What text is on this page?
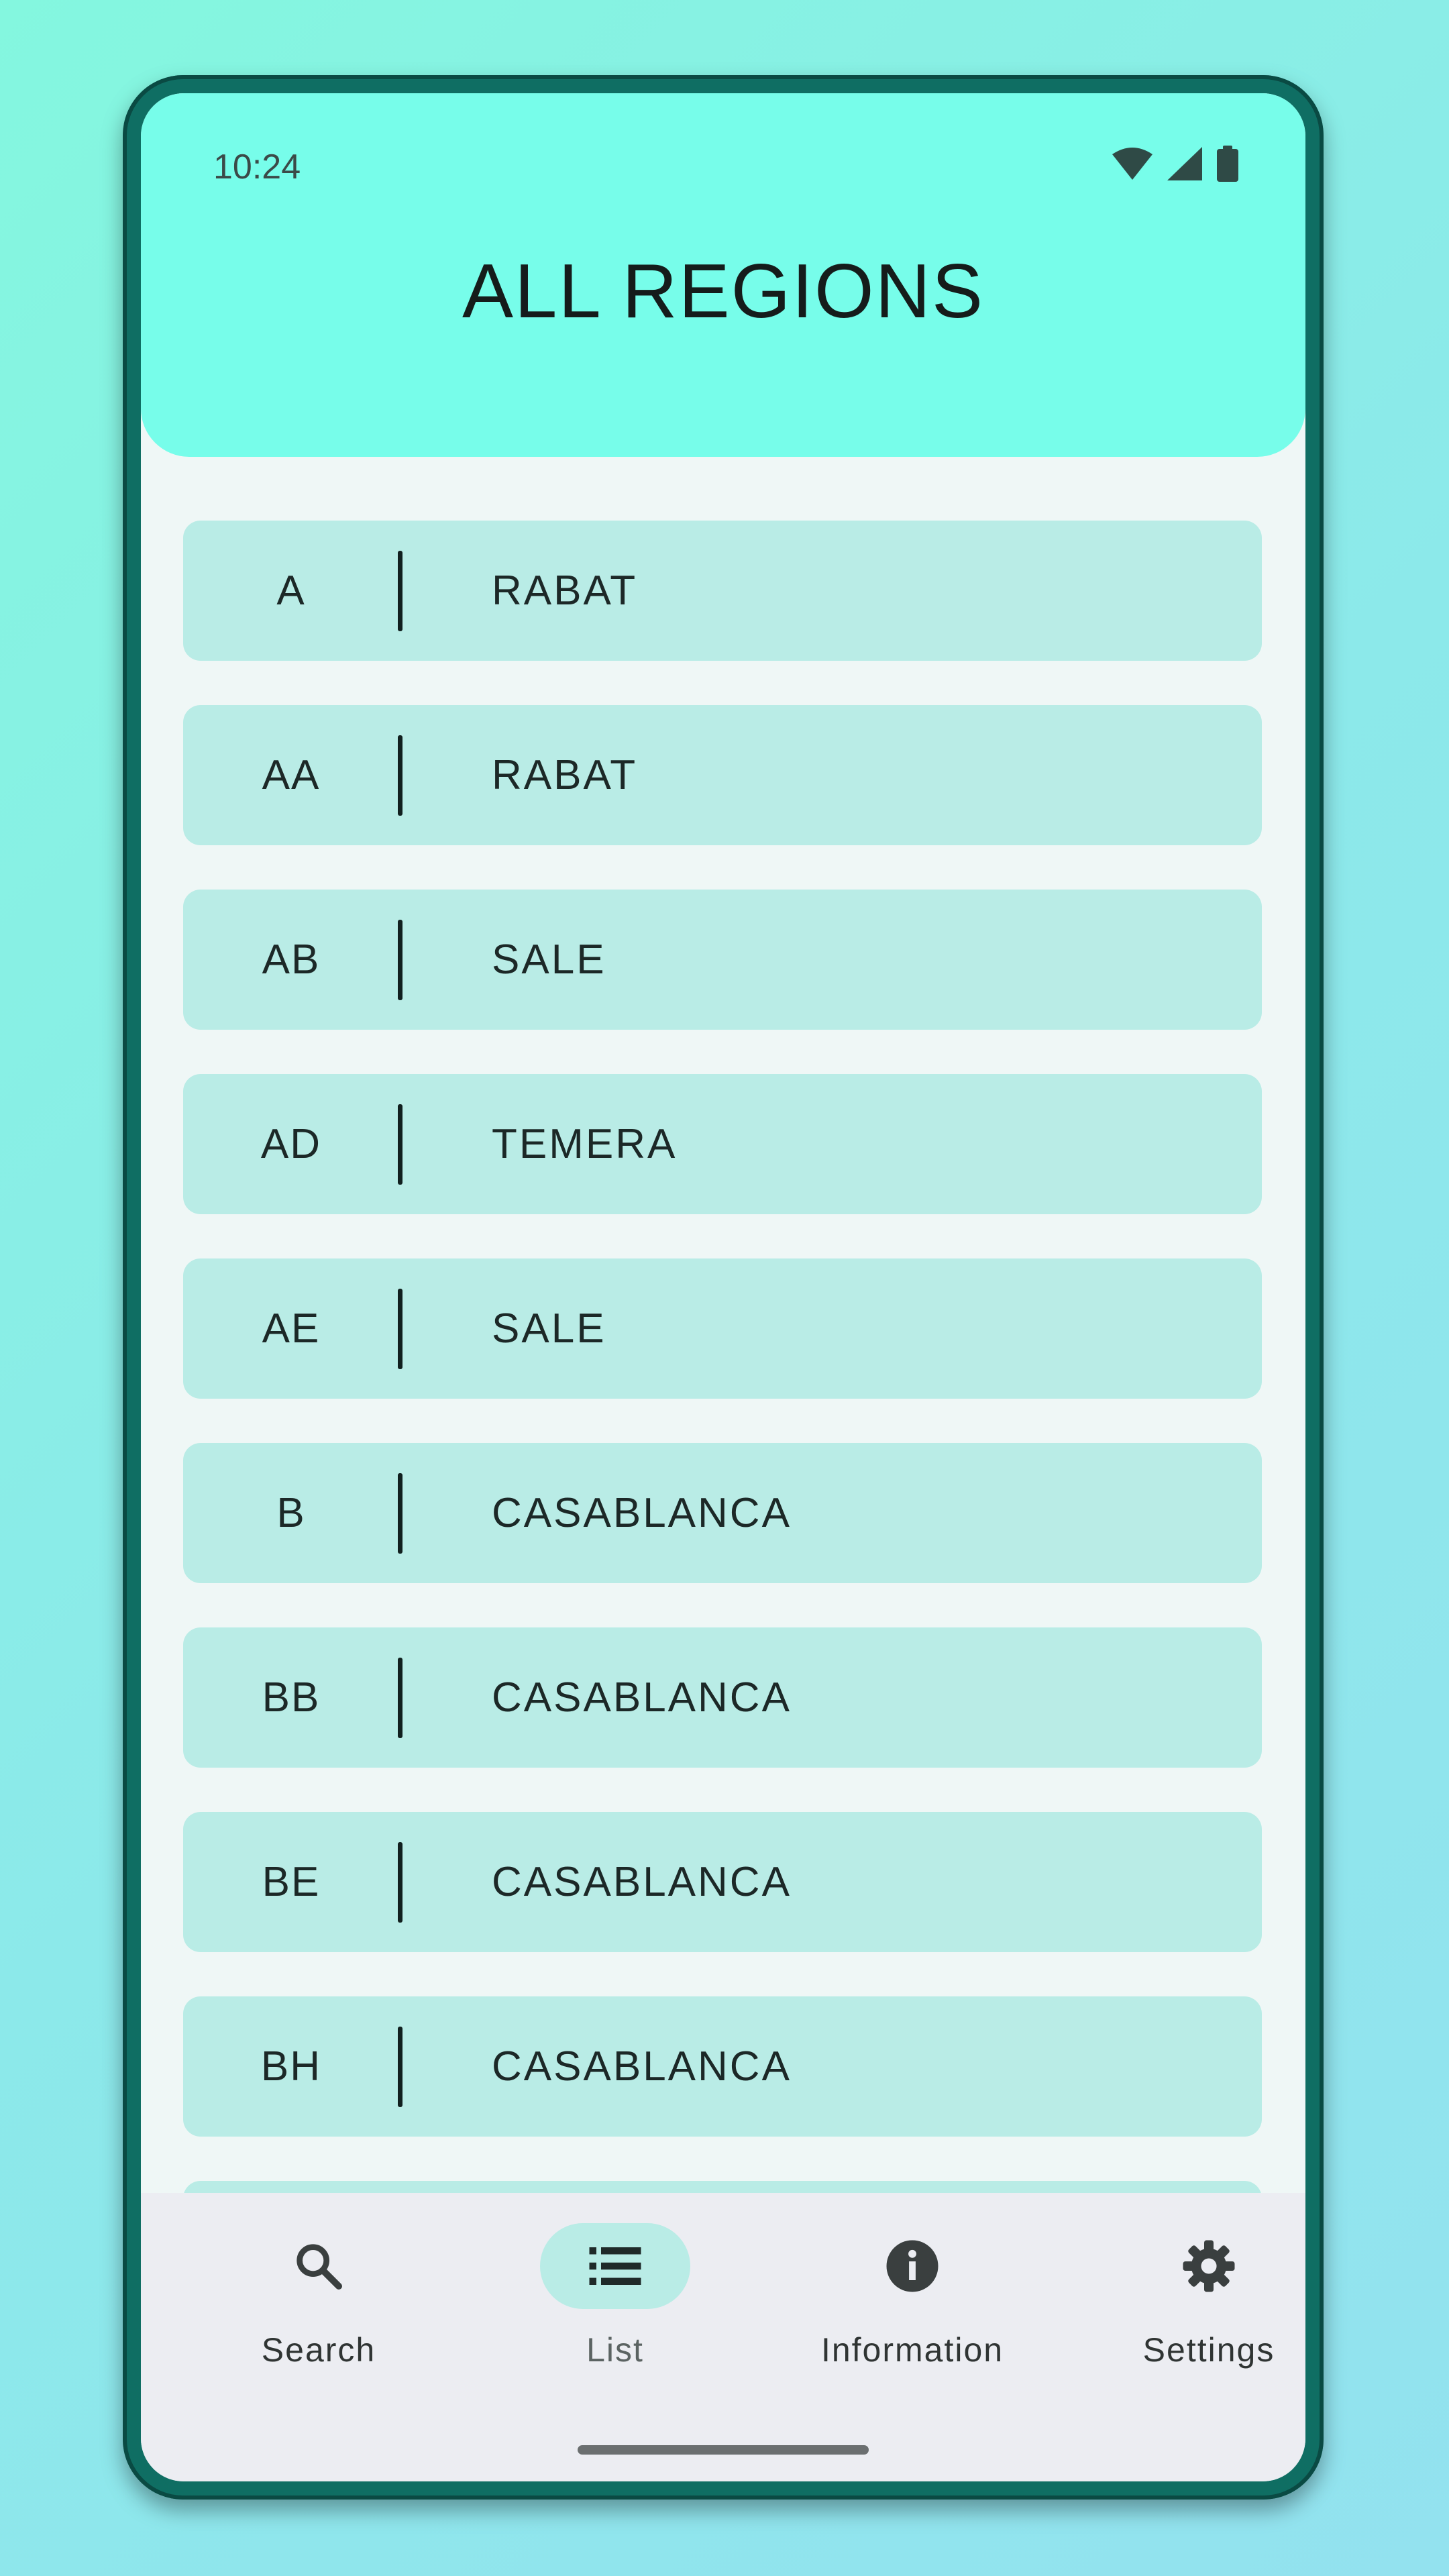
10:24
ALL REGIONS
A	RABAT
AA	RABAT
AB	SALE
AD	TEMERA
AE	SALE
B	CASABLANCA
BB	CASABLANCA
BE	CASABLANCA
BH	CASABLANCA
Search	List	Information	Settings
